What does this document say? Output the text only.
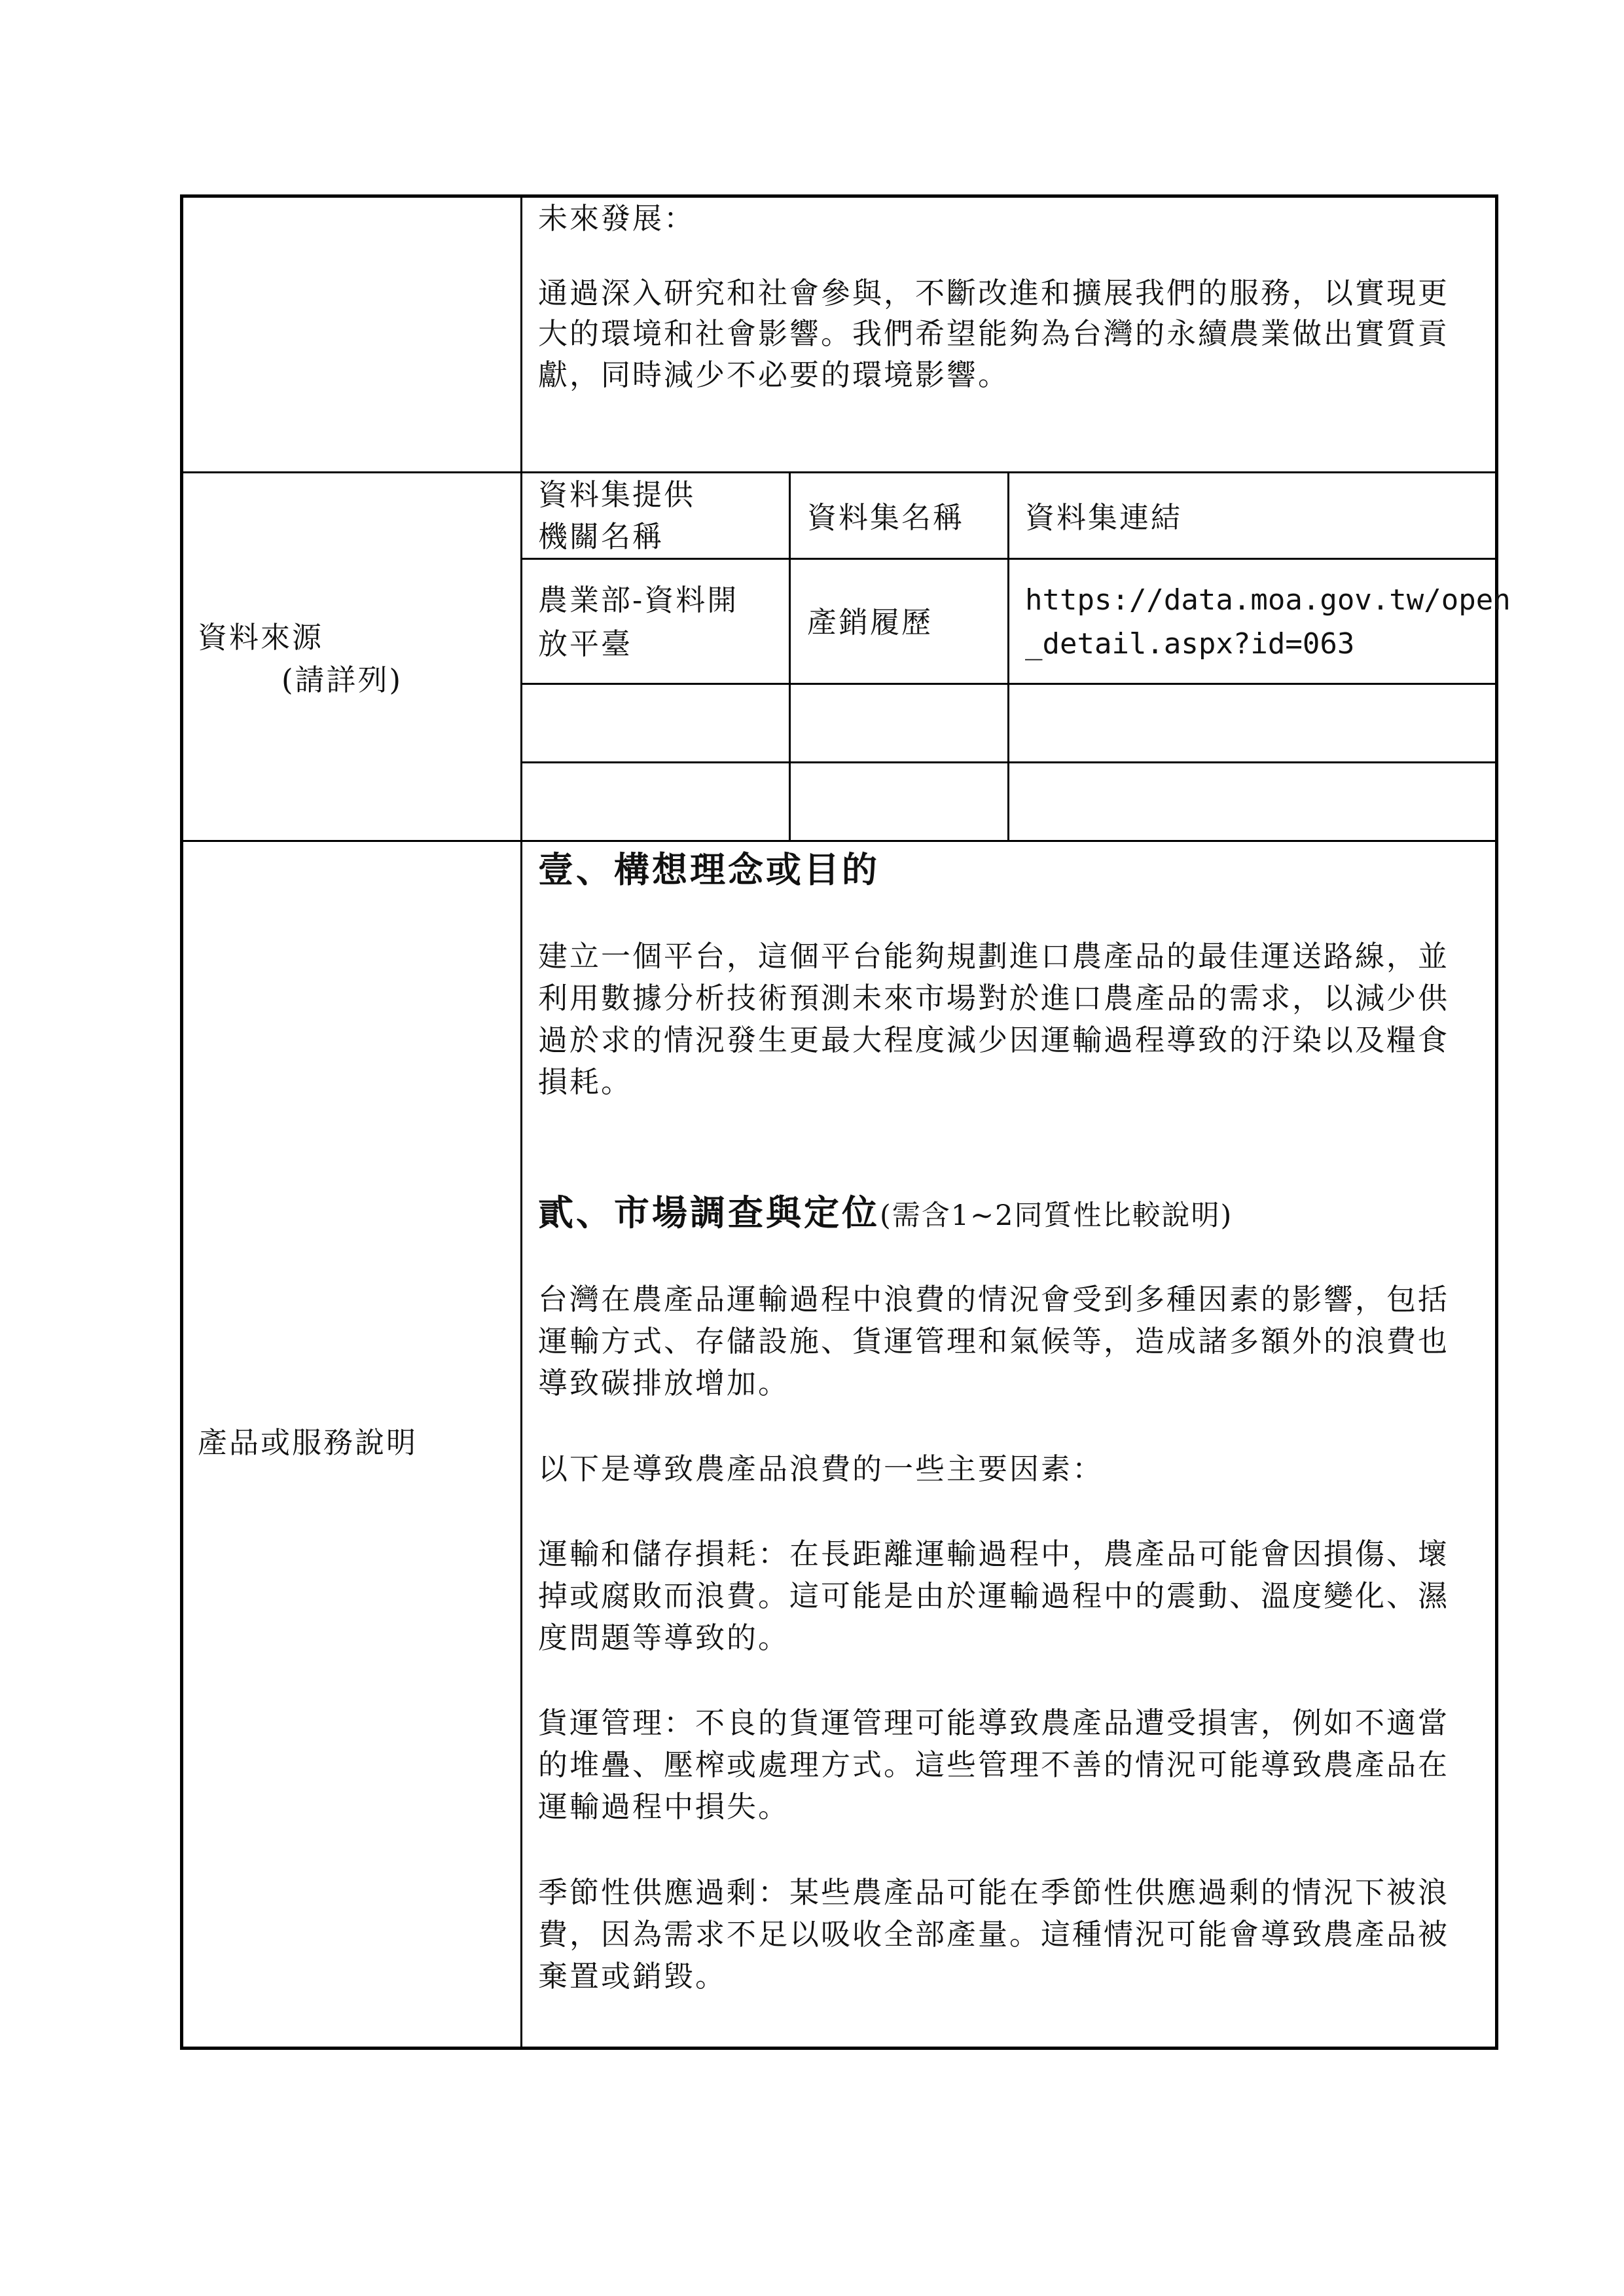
未來發展：
通過深入研究和社會參與，不斷改進和擴展我們的服務，以實現更
大的環境和社會影響。我們希望能夠為台灣的永續農業做出實質貢
獻，同時減少不必要的環境影響。
資料來源
(請詳列)
資料集提供
機關名稱
資料集名稱 資料集連結
農業部-資料開
放平臺
產銷履歷
https://data.moa.gov.tw/open
_detail.aspx?id=063
產品或服務說明
壹、構想理念或目的
建立一個平台，這個平台能夠規劃進口農產品的最佳運送路線，並
利用數據分析技術預測未來市場對於進口農產品的需求，以減少供
過於求的情況發生更最大程度減少因運輸過程導致的汙染以及糧食
損耗。
貳、市場調查與定位(需含1~2同質性比較說明)
台灣在農產品運輸過程中浪費的情況會受到多種因素的影響，包括
運輸方式、存儲設施、貨運管理和氣候等，造成諸多額外的浪費也
導致碳排放增加。
以下是導致農產品浪費的一些主要因素：
運輸和儲存損耗：在長距離運輸過程中，農產品可能會因損傷、壞
掉或腐敗而浪費。這可能是由於運輸過程中的震動、溫度變化、濕
度問題等導致的。
貨運管理：不良的貨運管理可能導致農產品遭受損害，例如不適當
的堆疊、壓榨或處理方式。這些管理不善的情況可能導致農產品在
運輸過程中損失。
季節性供應過剩：某些農產品可能在季節性供應過剩的情況下被浪
費，因為需求不足以吸收全部產量。這種情況可能會導致農產品被
棄置或銷毀。
